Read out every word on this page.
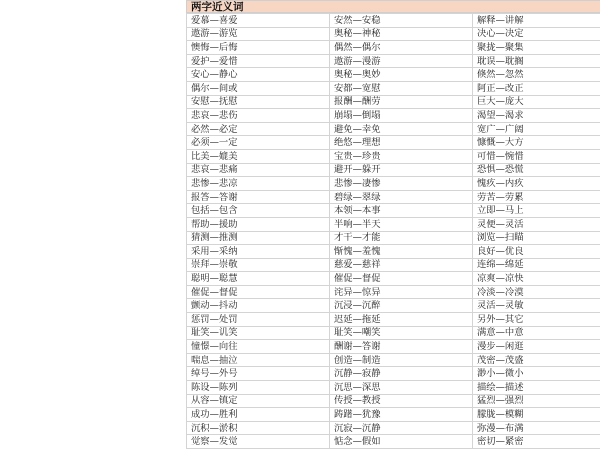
两字近义词
爱慕—喜爱	安然—安稳	解释—讲解
遨游—游览	奥秘—神秘	决心—决定
懊悔—后悔	偶然—偶尔	聚拢—聚集
爱护—爱惜	遨游—漫游	耽误—耽搁
安心—静心	奥秘—奥妙	倏然—忽然
偶尔—间或	安都—宽慰	阿正—改正
安慰—抚慰	报酬—酬劳	巨大—庞大
悲哀—悲伤	崩塌—倒塌	渴望—渴求
必然—必定	避免—幸免	宽广—广阔
必须—一定	绝悠—理想	慷慨—大方
比美—媲美	宝贵—珍贵	可惜—惋惜
悲哀—悲痛	避开—躲开	恐惧—恐慌
悲惨—悲凉	悲惨—凄惨	愧疚—内疚
报答—答谢	碧绿—翠绿	劳苦—劳累
包括—包含	本领—本事	立即—马上
帮助—援助	半响—半天	灵便—灵活
猜测—推测	才干—才能	浏览—扫瞄
采用—采纳	惭愧—羞愧	良好—优良
崇拜—崇敬	慈爱—慈祥	连绵—绵延
聪明—聪慧	催促—督促	凉爽—凉快
催促—督促	诧异—惊异	冷淡—冷漠
颤动—抖动	沉浸—沉醉	灵活—灵敏
惩罚—处罚	迟延—拖延	另外—其它
耻笑—讥笑	耻笑—嘲笑	满意—中意
憧憬—向往	酬谢—答谢	漫步—闲逛
喘息—抽泣	创造—制造	茂密—茂盛
绰号—外号	沉静—寂静	渺小—微小
陈设—陈列	沉思—深思	描绘—描述
从容—镇定	传授—教授	猛烈—强烈
成功—胜利	踌躇—犹豫	朦胧—模糊
沉积—淤积	沉寂—沉静	弥漫—布满
觉察—发觉	惦念—假如	密切—紧密
